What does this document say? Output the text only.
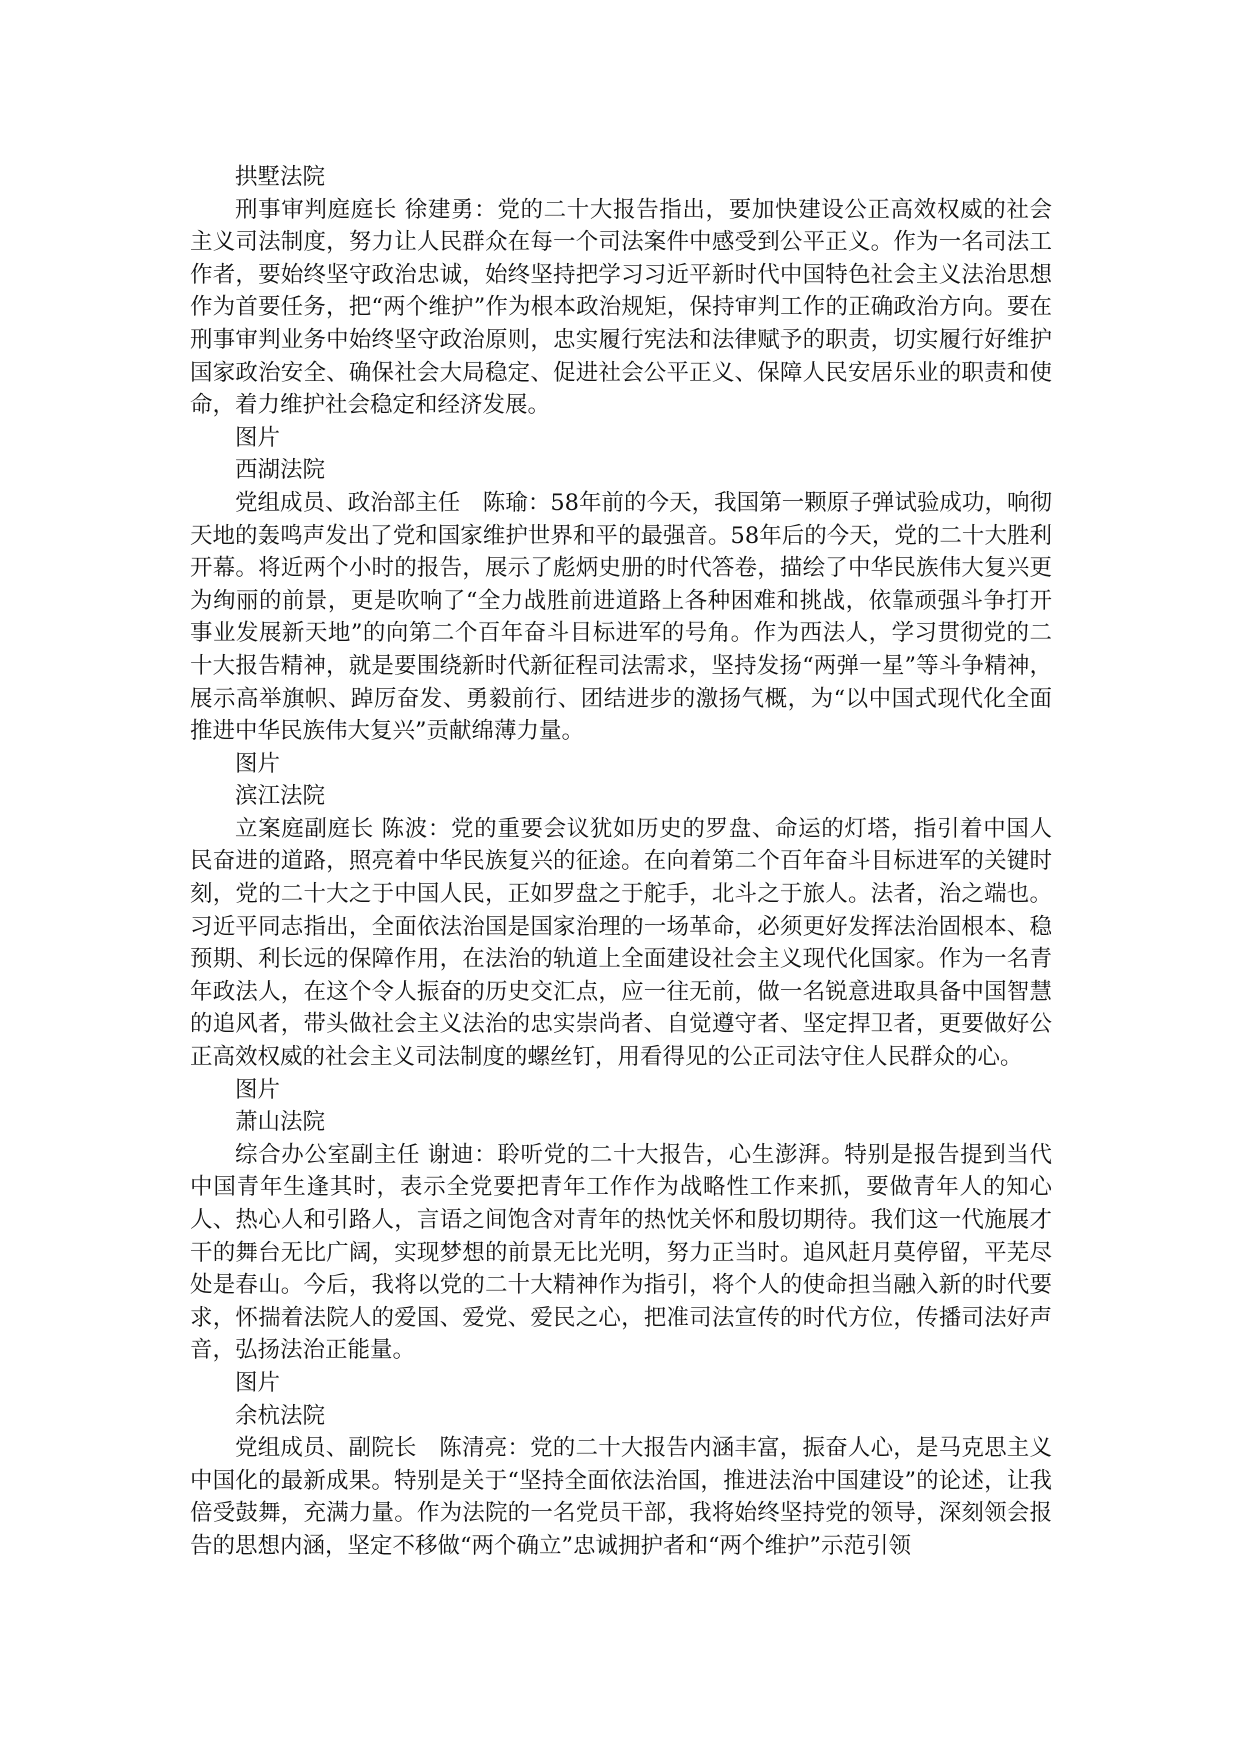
拱墅法院

刑事审判庭庭长 徐建勇：党的二十大报告指出，要加快建设公正高效权威的社会主义司法制度，努力让人民群众在每一个司法案件中感受到公平正义。作为一名司法工作者，要始终坚守政治忠诚，始终坚持把学习习近平新时代中国特色社会主义法治思想作为首要任务，把“两个维护”作为根本政治规矩，保持审判工作的正确政治方向。要在刑事审判业务中始终坚守政治原则，忠实履行宪法和法律赋予的职责，切实履行好维护国家政治安全、确保社会大局稳定、促进社会公平正义、保障人民安居乐业的职责和使命，着力维护社会稳定和经济发展。

图片

西湖法院

党组成员、政治部主任　陈瑜：58年前的今天，我国第一颗原子弹试验成功，响彻天地的轰鸣声发出了党和国家维护世界和平的最强音。58年后的今天，党的二十大胜利开幕。将近两个小时的报告，展示了彪炳史册的时代答卷，描绘了中华民族伟大复兴更为绚丽的前景，更是吹响了“全力战胜前进道路上各种困难和挑战，依靠顽强斗争打开事业发展新天地”的向第二个百年奋斗目标进军的号角。作为西法人，学习贯彻党的二十大报告精神，就是要围绕新时代新征程司法需求，坚持发扬“两弹一星”等斗争精神，展示高举旗帜、踔厉奋发、勇毅前行、团结进步的激扬气概，为“以中国式现代化全面推进中华民族伟大复兴”贡献绵薄力量。

图片

滨江法院

立案庭副庭长 陈波：党的重要会议犹如历史的罗盘、命运的灯塔，指引着中国人民奋进的道路，照亮着中华民族复兴的征途。在向着第二个百年奋斗目标进军的关键时刻，党的二十大之于中国人民，正如罗盘之于舵手，北斗之于旅人。法者，治之端也。习近平同志指出，全面依法治国是国家治理的一场革命，必须更好发挥法治固根本、稳预期、利长远的保障作用，在法治的轨道上全面建设社会主义现代化国家。作为一名青年政法人，在这个令人振奋的历史交汇点，应一往无前，做一名锐意进取具备中国智慧的追风者，带头做社会主义法治的忠实崇尚者、自觉遵守者、坚定捍卫者，更要做好公正高效权威的社会主义司法制度的螺丝钉，用看得见的公正司法守住人民群众的心。

图片

萧山法院

综合办公室副主任 谢迪：聆听党的二十大报告，心生澎湃。特别是报告提到当代中国青年生逢其时，表示全党要把青年工作作为战略性工作来抓，要做青年人的知心人、热心人和引路人，言语之间饱含对青年的热忱关怀和殷切期待。我们这一代施展才干的舞台无比广阔，实现梦想的前景无比光明，努力正当时。追风赶月莫停留，平芜尽处是春山。今后，我将以党的二十大精神作为指引，将个人的使命担当融入新的时代要求，怀揣着法院人的爱国、爱党、爱民之心，把准司法宣传的时代方位，传播司法好声音，弘扬法治正能量。

图片

余杭法院

党组成员、副院长　陈清亮：党的二十大报告内涵丰富，振奋人心，是马克思主义中国化的最新成果。特别是关于“坚持全面依法治国，推进法治中国建设”的论述，让我倍受鼓舞，充满力量。作为法院的一名党员干部，我将始终坚持党的领导，深刻领会报告的思想内涵，坚定不移做“两个确立”忠诚拥护者和“两个维护”示范引领
